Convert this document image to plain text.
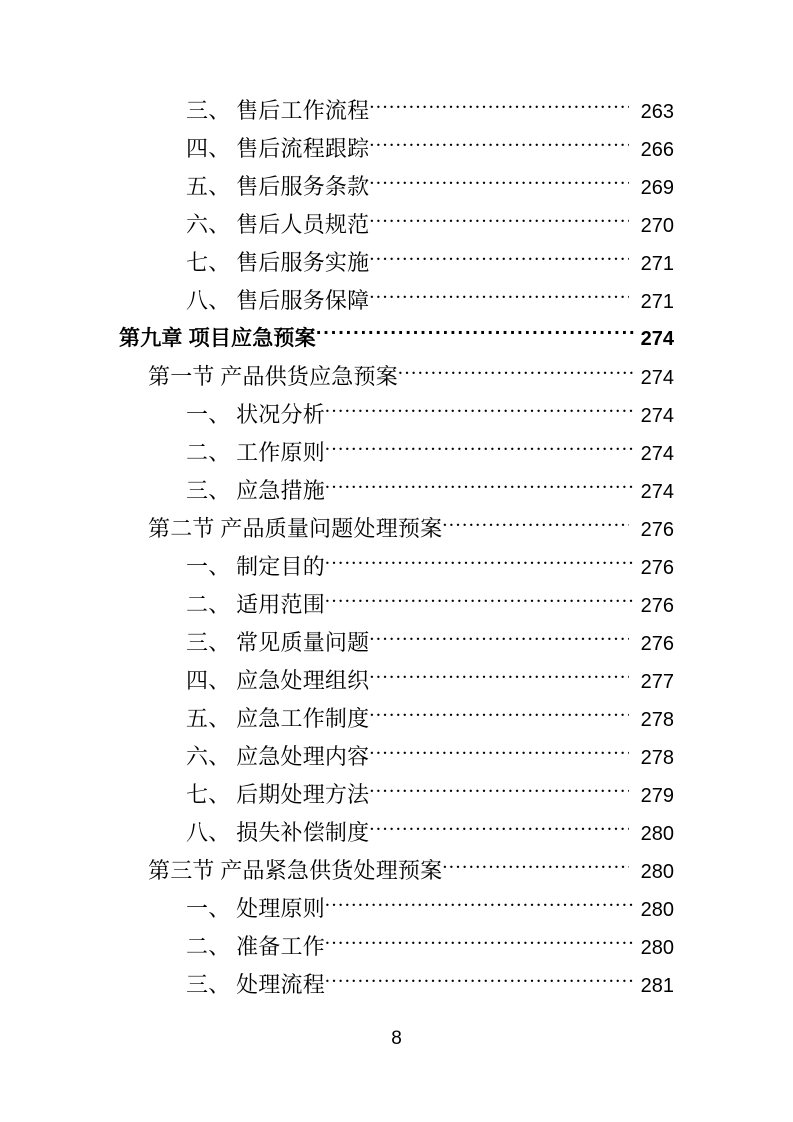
三、 售后工作流程 .....	263
四、 售后流程跟踪 .....	266
五、 售后服务条款 .....	269
六、 售后人员规范 .....	270
七、 售后服务实施 .....	271
八、 售后服务保障 .....	271
第九章 项目应急预案 .....	274
第一节 产品供货应急预案 .....	274
一、 状况分析 .....	274
二、 工作原则 .....	274
三、 应急措施 .....	274
第二节 产品质量问题处理预案 .....	276
一、 制定目的 .....	276
二、 适用范围 .....	276
三、 常见质量问题 .....	276
四、 应急处理组织 .....	277
五、 应急工作制度 .....	278
六、 应急处理内容 .....	278
七、 后期处理方法 .....	279
八、 损失补偿制度 .....	280
第三节 产品紧急供货处理预案 .....	280
一、 处理原则 .....	280
二、 准备工作 .....	280
三、 处理流程 .....	281
8
